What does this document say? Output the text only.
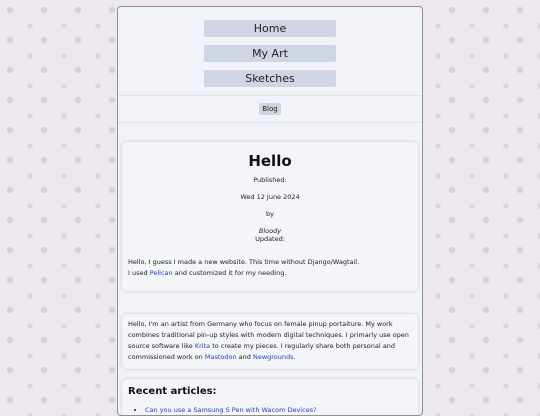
Home
My Art
Sketches
Blog
Hello

Published:

Wed 12 June 2024

by

Bloody

Updated:

Hello, I guess I made a new website. This time without Django/Wagtail.

I used Pelican and customized it for my needing.

Hello, I'm an artist from Germany who focus on female pinup portaiture. My work combines traditional pin-up styles with modern digital techniques. I primarly use open source software like Krita to create my pieces. I regularly share both personal and commissioned work on Mastodon and Newgrounds.

Recent articles:
• Can you use a Samsung S Pen with Wacom Devices?
